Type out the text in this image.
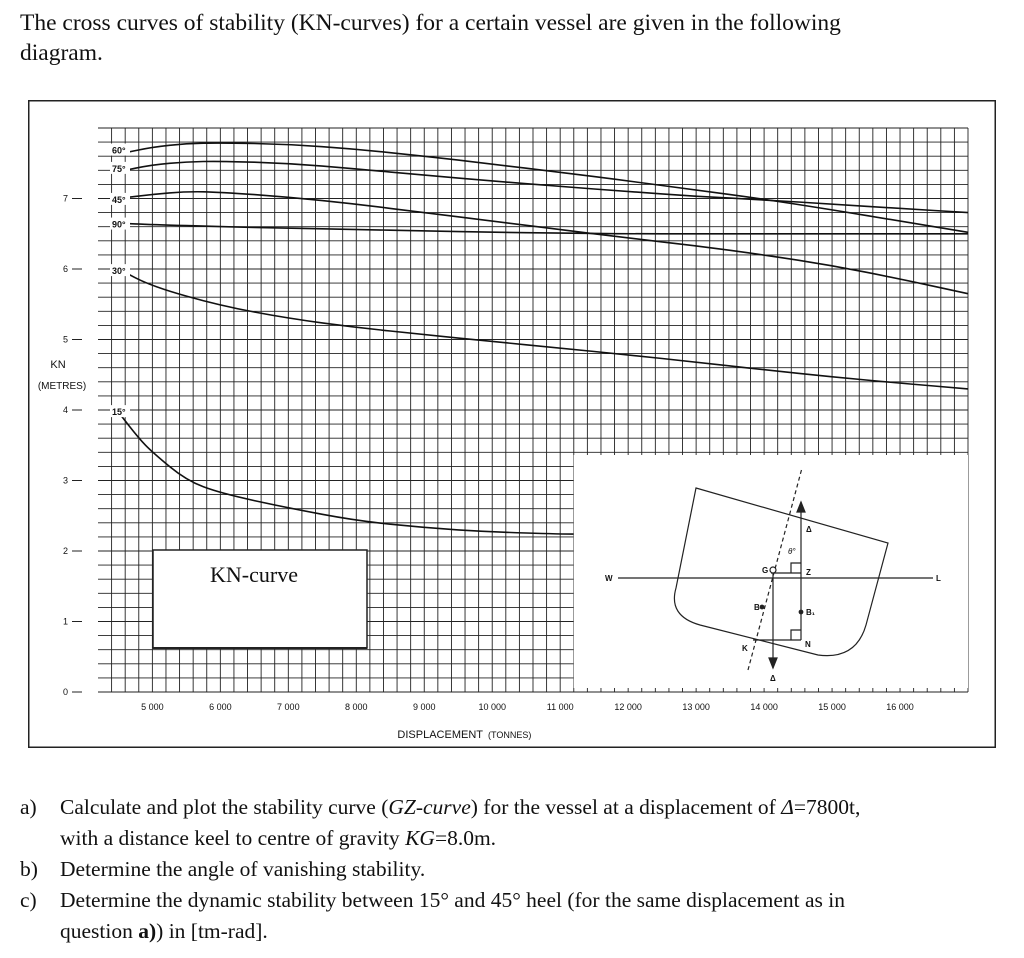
The cross curves of stability (KN-curves) for a certain vessel are given in the following
diagram.
5 000	6 000	7 000	8 000	9 000	10 000	11 000	12 000	13 000	14 000	15 000	16 000
0
1
2
3
4
5
6
7
KN
(METRES)
DISPLACEMENT (TONNES)
W	L
G	Z
B
B₁
N
K
θ°
Δ
Δ
60°
75°
45°
90°
30°
15°
KN-curve
a) Calculate and plot the stability curve (GZ-curve) for the vessel at a displacement of Δ=7800t,
with a distance keel to centre of gravity KG=8.0m.
b) Determine the angle of vanishing stability.
c) Determine the dynamic stability between 15° and 45° heel (for the same displacement as in
question a)) in [tm-rad].
